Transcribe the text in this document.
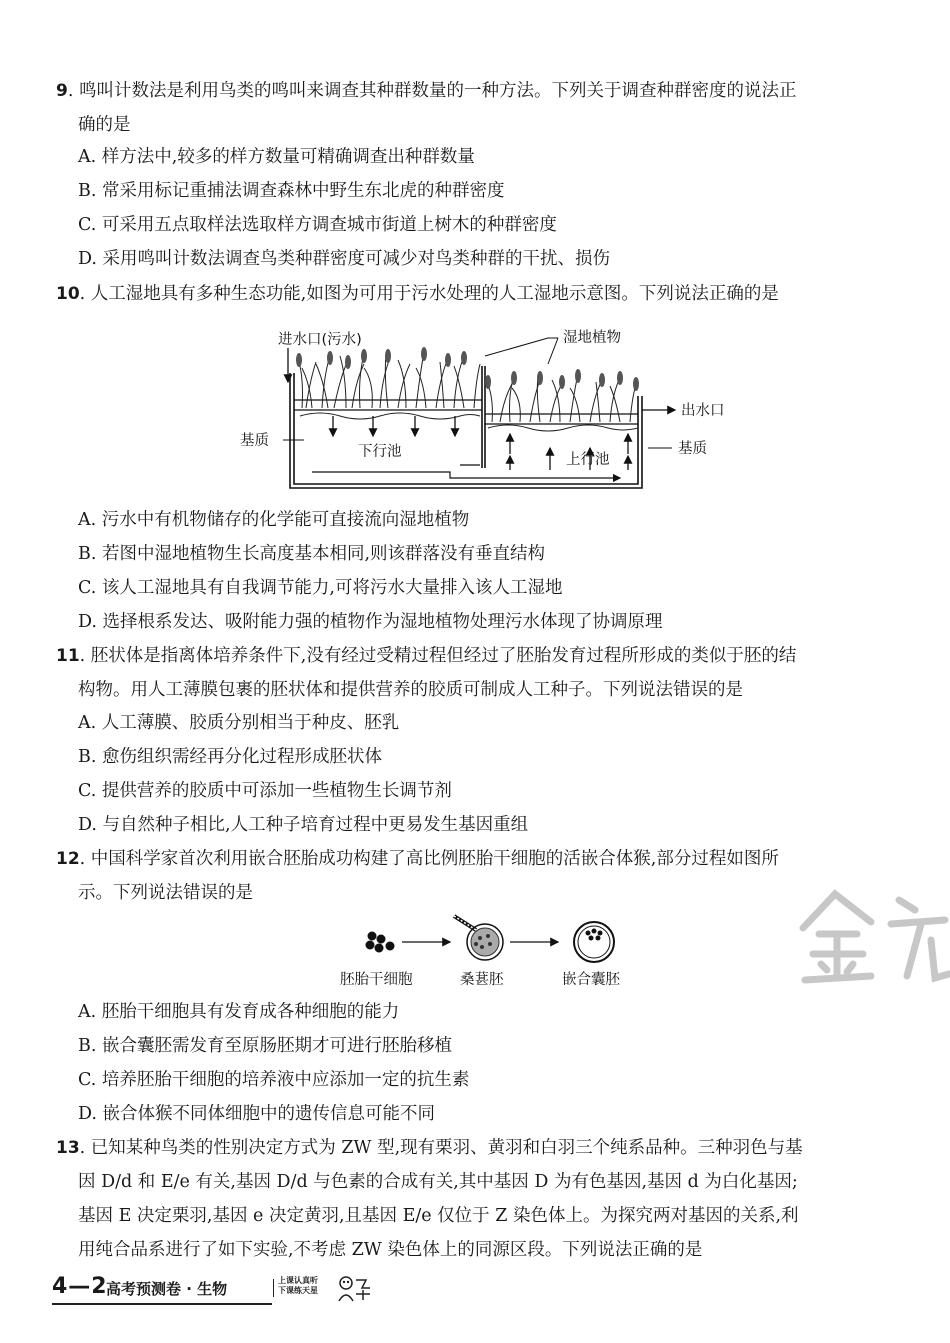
9. 鸣叫计数法是利用鸟类的鸣叫来调查其种群数量的一种方法。下列关于调查种群密度的说法正
确的是
A. 样方法中,较多的样方数量可精确调查出种群数量
B. 常采用标记重捕法调查森林中野生东北虎的种群密度
C. 可采用五点取样法选取样方调查城市街道上树木的种群密度
D. 采用鸣叫计数法调查鸟类种群密度可减少对鸟类种群的干扰、损伤
10. 人工湿地具有多种生态功能,如图为可用于污水处理的人工湿地示意图。下列说法正确的是
进水口(污水)	湿地植物
出水口
基质	基质
下行池	上行池
A. 污水中有机物储存的化学能可直接流向湿地植物
B. 若图中湿地植物生长高度基本相同,则该群落没有垂直结构
C. 该人工湿地具有自我调节能力,可将污水大量排入该人工湿地
D. 选择根系发达、吸附能力强的植物作为湿地植物处理污水体现了协调原理
11. 胚状体是指离体培养条件下,没有经过受精过程但经过了胚胎发育过程所形成的类似于胚的结
构物。用人工薄膜包裹的胚状体和提供营养的胶质可制成人工种子。下列说法错误的是
A. 人工薄膜、胶质分别相当于种皮、胚乳
B. 愈伤组织需经再分化过程形成胚状体
C. 提供营养的胶质中可添加一些植物生长调节剂
D. 与自然种子相比,人工种子培育过程中更易发生基因重组
12. 中国科学家首次利用嵌合胚胎成功构建了高比例胚胎干细胞的活嵌合体猴,部分过程如图所
示。下列说法错误的是
胚胎干细胞	桑葚胚	嵌合囊胚
A. 胚胎干细胞具有发育成各种细胞的能力
B. 嵌合囊胚需发育至原肠胚期才可进行胚胎移植
C. 培养胚胎干细胞的培养液中应添加一定的抗生素
D. 嵌合体猴不同体细胞中的遗传信息可能不同
13. 已知某种鸟类的性别决定方式为 ZW 型,现有栗羽、黄羽和白羽三个纯系品种。三种羽色与基
因 D/d 和 E/e 有关,基因 D/d 与色素的合成有关,其中基因 D 为有色基因,基因 d 为白化基因;
基因 E 决定栗羽,基因 e 决定黄羽,且基因 E/e 仅位于 Z 染色体上。为探究两对基因的关系,利
用纯合品系进行了如下实验,不考虑 ZW 染色体上的同源区段。下列说法正确的是
4—2
高考预测卷 · 生物	上课认真听
下课练天星
